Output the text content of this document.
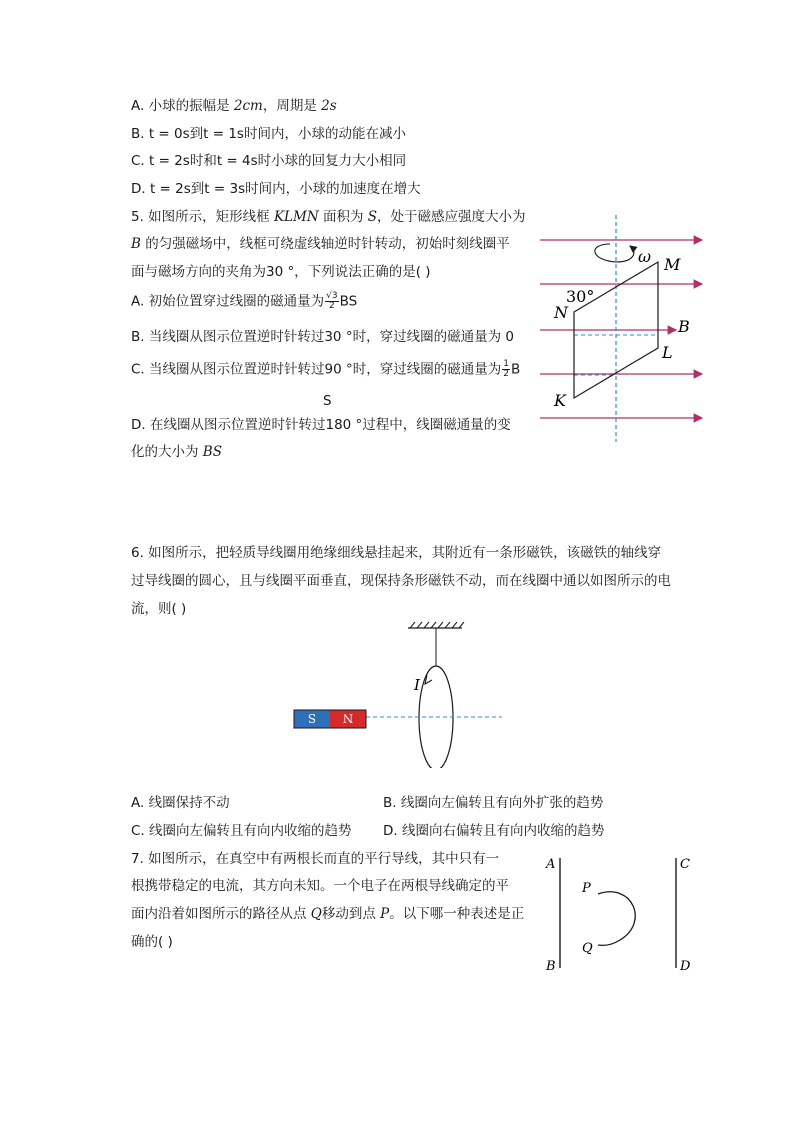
A. 小球的振幅是 2cm，周期是 2s
B. t = 0s到t = 1s时间内，小球的动能在减小
C. t = 2s时和t = 4s时小球的回复力大小相同
D. t = 2s到t = 3s时间内，小球的加速度在增大
5. 如图所示，矩形线框 KLMN 面积为 S，处于磁感应强度大小为
B 的匀强磁场中，线框可绕虚线轴逆时针转动，初始时刻线圈平
面与磁场方向的夹角为30 °，下列说法正确的是( )
A. 初始位置穿过线圈的磁通量为 $\frac{√3}{2}$ BS
B. 当线圈从图示位置逆时针转过30 °时，穿过线圈的磁通量为 0
C. 当线圈从图示位置逆时针转过90 °时，穿过线圈的磁通量为 $\frac{1}{2}$ B
S
D. 在线圈从图示位置逆时针转过180 °过程中，线圈磁通量的变
化的大小为 BS
ω M
30°
N
B
L
K
6. 如图所示，把轻质导线圈用绝缘细线悬挂起来，其附近有一条形磁铁，该磁铁的轴线穿
过导线圈的圆心，且与线圈平面垂直，现保持条形磁铁不动，而在线圈中通以如图所示的电
流，则( )
I
S N
A. 线圈保持不动	B. 线圈向左偏转且有向外扩张的趋势
C. 线圈向左偏转且有向内收缩的趋势 D. 线圈向右偏转且有向内收缩的趋势
7. 如图所示，在真空中有两根长而直的平行导线，其中只有一
根携带稳定的电流，其方向未知。一个电子在两根导线确定的平
面内沿着如图所示的路径从点 Q移动到点 P。以下哪一种表述是正
确的( )
A
B
C
D
P
Q
